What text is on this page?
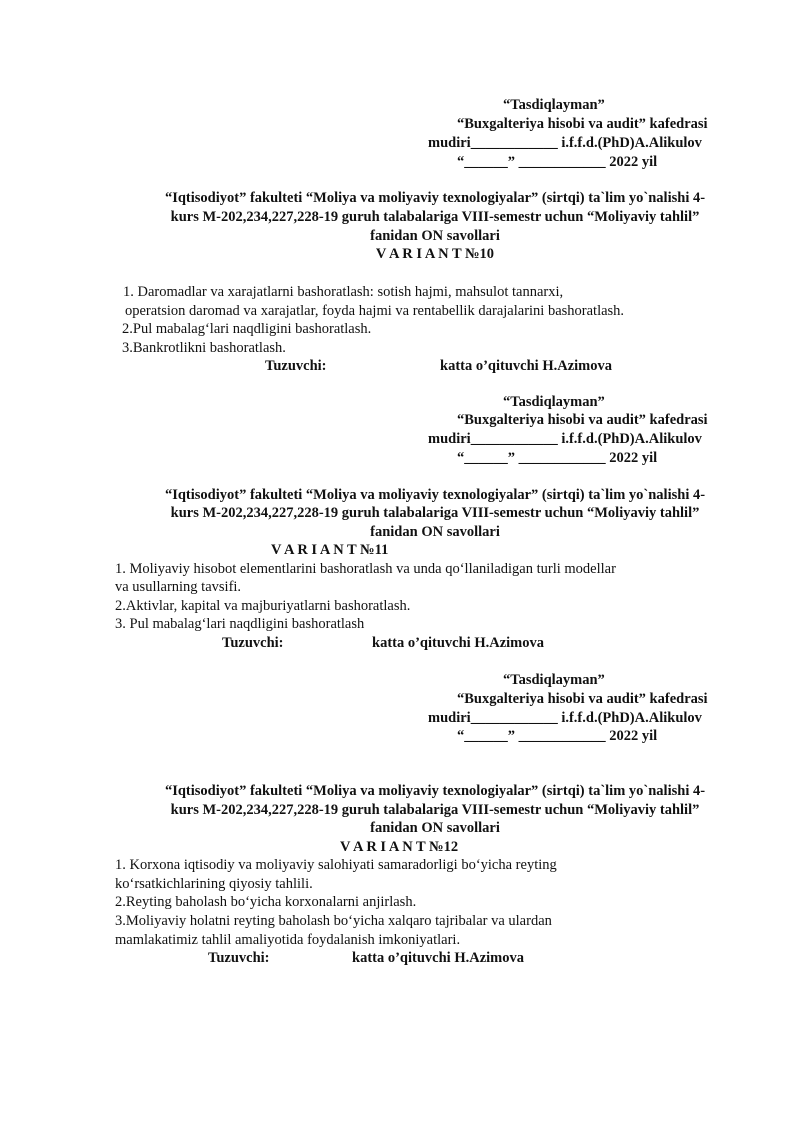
“Tasdiqlayman”
“Buxgalteriya hisobi va audit” kafedrasi
mudiri____________ i.f.f.d.(PhD)A.Alikulov
“______” ____________ 2022 yil
“Iqtisodiyot” fakulteti “Moliya va moliyaviy texnologiyalar” (sirtqi) ta`lim yo`nalishi 4-
kurs M-202,234,227,228-19 guruh talabalariga VIII-semestr uchun “Moliyaviy tahlil”
fanidan ON savollari
V A R I A N T №10
1. Daromadlar va xarajatlarni bashoratlash: sotish hajmi, mahsulot tannarxi,
operatsion daromad va xarajatlar, foyda hajmi va rentabellik darajalarini bashoratlash.
2.Pul mabalag‘lari naqdligini bashoratlash.
3.Bankrotlikni bashoratlash.
Tuzuvchi:	katta o’qituvchi H.Azimova
“Tasdiqlayman”
“Buxgalteriya hisobi va audit” kafedrasi
mudiri____________ i.f.f.d.(PhD)A.Alikulov
“______” ____________ 2022 yil
“Iqtisodiyot” fakulteti “Moliya va moliyaviy texnologiyalar” (sirtqi) ta`lim yo`nalishi 4-
kurs M-202,234,227,228-19 guruh talabalariga VIII-semestr uchun “Moliyaviy tahlil”
fanidan ON savollari
V A R I A N T №11
1. Moliyaviy hisobot elementlarini bashoratlash va unda qo‘llaniladigan turli modellar
va usullarning tavsifi.
2.Aktivlar, kapital va majburiyatlarni bashoratlash.
3. Pul mabalag‘lari naqdligini bashoratlash
Tuzuvchi:	katta o’qituvchi H.Azimova
“Tasdiqlayman”
“Buxgalteriya hisobi va audit” kafedrasi
mudiri____________ i.f.f.d.(PhD)A.Alikulov
“______” ____________ 2022 yil
“Iqtisodiyot” fakulteti “Moliya va moliyaviy texnologiyalar” (sirtqi) ta`lim yo`nalishi 4-
kurs M-202,234,227,228-19 guruh talabalariga VIII-semestr uchun “Moliyaviy tahlil”
fanidan ON savollari
V A R I A N T №12
1. Korxona iqtisodiy va moliyaviy salohiyati samaradorligi bo‘yicha reyting
ko‘rsatkichlarining qiyosiy tahlili.
2.Reyting baholash bo‘yicha korxonalarni anjirlash.
3.Moliyaviy holatni reyting baholash bo‘yicha xalqaro tajribalar va ulardan
mamlakatimiz tahlil amaliyotida foydalanish imkoniyatlari.
Tuzuvchi:	katta o’qituvchi H.Azimova
